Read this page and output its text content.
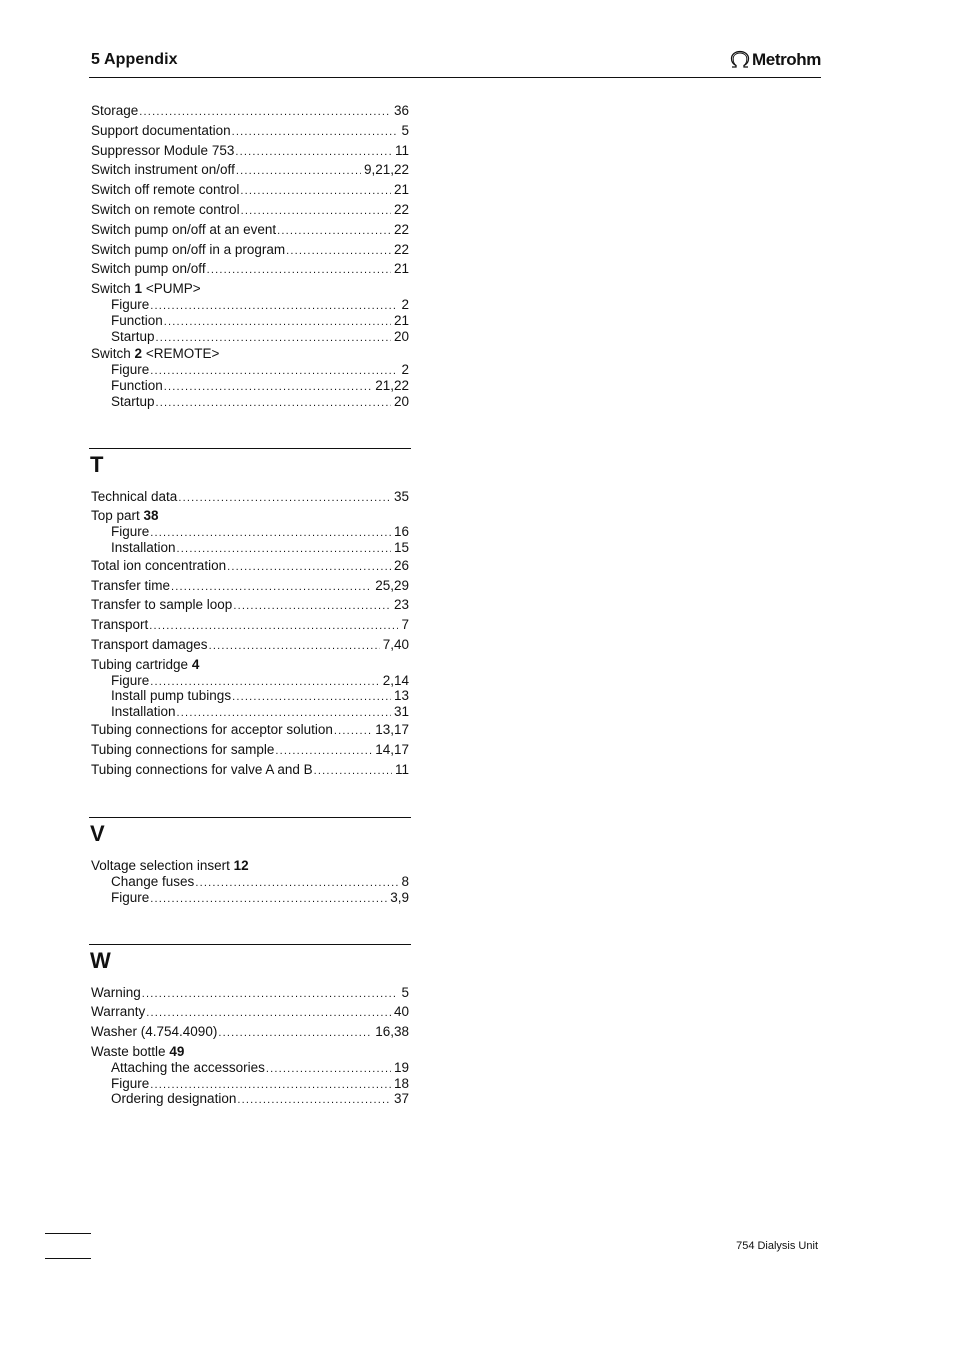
5 Appendix	Metrohm
Storage .....	36
Support documentation .....	5
Suppressor Module 753 .....	11
Switch instrument on/off .....	9,21,22
Switch off remote control .....	21
Switch on remote control .....	22
Switch pump on/off at an event .....	22
Switch pump on/off in a program .....	22
Switch pump on/off .....	21
Switch 1 <PUMP>
Figure .....	2
Function .....	21
Startup .....	20
Switch 2 <REMOTE>
Figure .....	2
Function .....	21,22
Startup .....	20
T
Technical data .....	35
Top part 38
Figure .....	16
Installation .....	15
Total ion concentration .....	26
Transfer time .....	25,29
Transfer to sample loop .....	23
Transport .....	7
Transport damages .....	7,40
Tubing cartridge 4
Figure .....	2,14
Install pump tubings .....	13
Installation .....	31
Tubing connections for acceptor solution .....	13,17
Tubing connections for sample .....	14,17
Tubing connections for valve A and B .....	11
V
Voltage selection insert 12
Change fuses .....	8
Figure .....	3,9
W
Warning .....	5
Warranty .....	40
Washer (4.754.4090) .....	16,38
Waste bottle 49
Attaching the accessories .....	19
Figure .....	18
Ordering designation .....	37
754 Dialysis Unit
